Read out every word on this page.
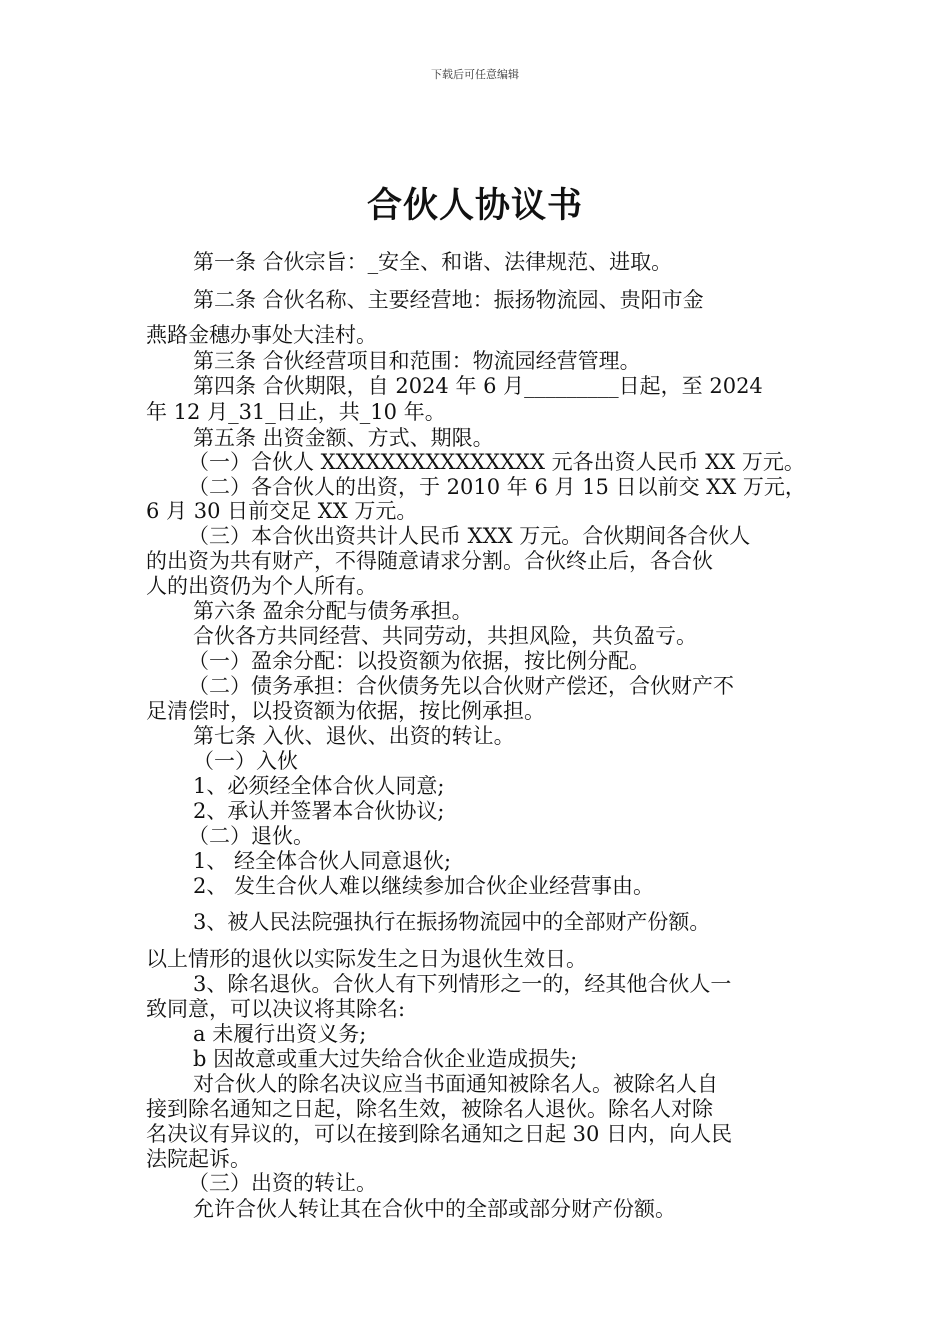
下载后可任意编辑
合伙人协议书
第一条 合伙宗旨：_安全、和谐、法律规范、进取。
第二条 合伙名称、主要经营地：振扬物流园、贵阳市金
燕路金穗办事处大洼村。
第三条 合伙经营项目和范围：物流园经营管理。
第四条 合伙期限，自 2024 年 6 月_________日起，至 2024
年 12 月_31_日止，共_10 年。
第五条 出资金额、方式、期限。
（一）合伙人 XXXXXXXXXXXXXXX 元各出资人民币 XX 万元。
（二）各合伙人的出资，于 2010 年 6 月 15 日以前交 XX 万元，
6 月 30 日前交足 XX 万元。
（三）本合伙出资共计人民币 XXX 万元。合伙期间各合伙人
的出资为共有财产，不得随意请求分割。合伙终止后，各合伙
人的出资仍为个人所有。
第六条 盈余分配与债务承担。
合伙各方共同经营、共同劳动，共担风险，共负盈亏。
（一）盈余分配：以投资额为依据，按比例分配。
（二）债务承担：合伙债务先以合伙财产偿还，合伙财产不
足清偿时，以投资额为依据，按比例承担。
第七条 入伙、退伙、出资的转让。
（一）入伙
1、必须经全体合伙人同意;
2、承认并签署本合伙协议;
（二）退伙。
1、 经全体合伙人同意退伙;
2、 发生合伙人难以继续参加合伙企业经营事由。
3、被人民法院强执行在振扬物流园中的全部财产份额。
以上情形的退伙以实际发生之日为退伙生效日。
3、除名退伙。合伙人有下列情形之一的，经其他合伙人一
致同意，可以决议将其除名:
a 未履行出资义务;
b 因故意或重大过失给合伙企业造成损失;
对合伙人的除名决议应当书面通知被除名人。被除名人自
接到除名通知之日起，除名生效，被除名人退伙。除名人对除
名决议有异议的，可以在接到除名通知之日起 30 日内，向人民
法院起诉。
（三）出资的转让。
允许合伙人转让其在合伙中的全部或部分财产份额。
